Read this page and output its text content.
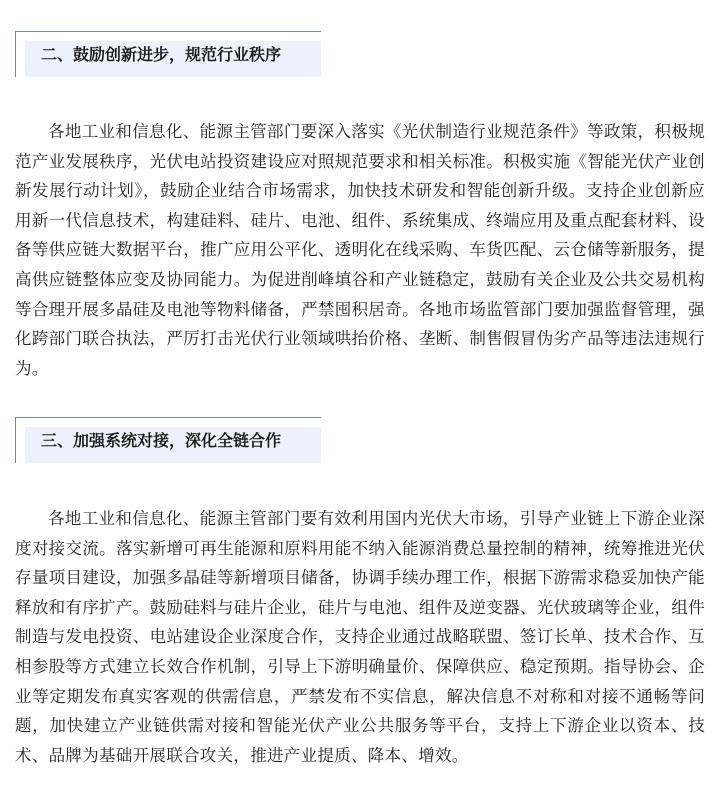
二、鼓励创新进步，规范行业秩序

各地工业和信息化、能源主管部门要深入落实《光伏制造行业规范条件》等政策，积极规范产业发展秩序，光伏电站投资建设应对照规范要求和相关标准。积极实施《智能光伏产业创新发展行动计划》，鼓励企业结合市场需求，加快技术研发和智能创新升级。支持企业创新应用新一代信息技术，构建硅料、硅片、电池、组件、系统集成、终端应用及重点配套材料、设备等供应链大数据平台，推广应用公平化、透明化在线采购、车货匹配、云仓储等新服务，提高供应链整体应变及协同能力。为促进削峰填谷和产业链稳定，鼓励有关企业及公共交易机构等合理开展多晶硅及电池等物料储备，严禁囤积居奇。各地市场监管部门要加强监督管理，强化跨部门联合执法，严厉打击光伏行业领域哄抬价格、垄断、制售假冒伪劣产品等违法违规行为。

三、加强系统对接，深化全链合作

各地工业和信息化、能源主管部门要有效利用国内光伏大市场，引导产业链上下游企业深度对接交流。落实新增可再生能源和原料用能不纳入能源消费总量控制的精神，统筹推进光伏存量项目建设，加强多晶硅等新增项目储备，协调手续办理工作，根据下游需求稳妥加快产能释放和有序扩产。鼓励硅料与硅片企业，硅片与电池、组件及逆变器、光伏玻璃等企业，组件制造与发电投资、电站建设企业深度合作，支持企业通过战略联盟、签订长单、技术合作、互相参股等方式建立长效合作机制，引导上下游明确量价、保障供应、稳定预期。指导协会、企业等定期发布真实客观的供需信息，严禁发布不实信息，解决信息不对称和对接不通畅等问题，加快建立产业链供需对接和智能光伏产业公共服务等平台，支持上下游企业以资本、技术、品牌为基础开展联合攻关，推进产业提质、降本、增效。
